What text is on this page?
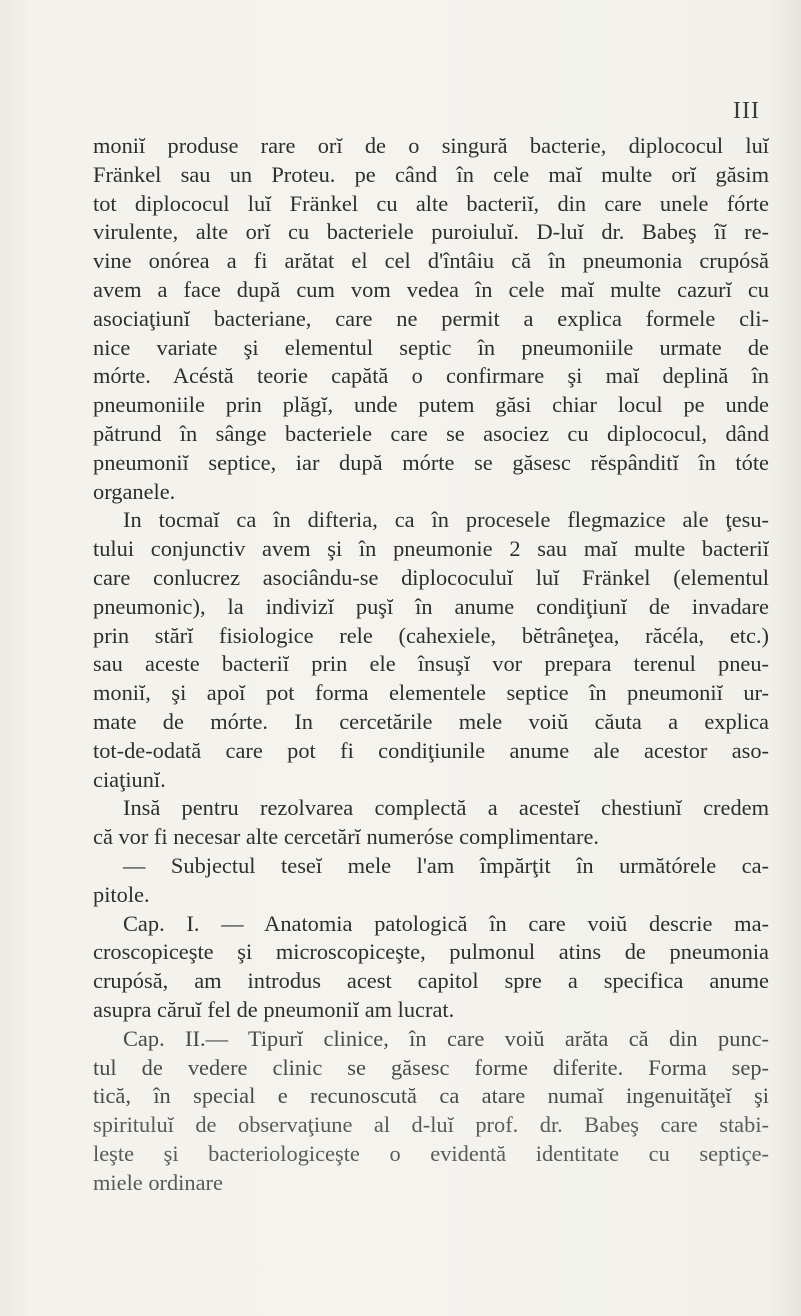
III
moniĭ produse rare orĭ de o singură bacterie, diplococul luĭ
Fränkel sau un Proteu. pe când în cele maĭ multe orĭ găsim
tot diplococul luĭ Fränkel cu alte bacteriĭ, din care unele fórte
virulente, alte orĭ cu bacteriele puroiuluĭ. D-luĭ dr. Babeş îĭ re-
vine onórea a fi arătat el cel d'întâiu că în pneumonia crupósă
avem a face după cum vom vedea în cele maĭ multe cazurĭ cu
asociaţiunĭ bacteriane, care ne permit a explica formele cli-
nice variate şi elementul septic în pneumoniile urmate de
mórte. Acéstă teorie capătă o confirmare şi maĭ deplină în
pneumoniile prin plăgĭ, unde putem găsi chiar locul pe unde
pătrund în sânge bacteriele care se asociez cu diplococul, dând
pneumoniĭ septice, iar după mórte se găsesc rĕspânditĭ în tóte
organele.
In tocmaĭ ca în difteria, ca în procesele flegmazice ale ţesu-
tului conjunctiv avem şi în pneumonie 2 sau maĭ multe bacteriĭ
care conlucrez asociându-se diplococuluĭ luĭ Fränkel (elementul
pneumonic), la indivizĭ puşĭ în anume condiţiunĭ de invadare
prin stărĭ fisiologice rele (cahexiele, bĕtrâneţea, răcéla, etc.)
sau aceste bacteriĭ prin ele însuşĭ vor prepara terenul pneu-
moniĭ, şi apoĭ pot forma elementele septice în pneumoniĭ ur-
mate de mórte. In cercetările mele voiŭ căuta a explica
tot-de-odată care pot fi condiţiunile anume ale acestor aso-
ciaţiunĭ.
Insă pentru rezolvarea complectă a acesteĭ chestiunĭ credem
că vor fi necesar alte cercetărĭ numeróse complimentare.
— Subjectul teseĭ mele l'am împărţit în următórele ca-
pitole.
Cap. I. — Anatomia patologică în care voiŭ descrie ma-
croscopiceşte şi microscopiceşte, pulmonul atins de pneumonia
crupósă, am introdus acest capitol spre a specifica anume
asupra căruĭ fel de pneumoniĭ am lucrat.
Cap. II.— Tipurĭ clinice, în care voiŭ arăta că din punc-
tul de vedere clinic se găsesc forme diferite. Forma sep-
tică, în special e recunoscută ca atare numaĭ ingenuităţeĭ şi
spirituluĭ de observaţiune al d-luĭ prof. dr. Babeş care stabi-
leşte şi bacteriologiceşte o evidentă identitate cu septiçe-
miele ordinare
